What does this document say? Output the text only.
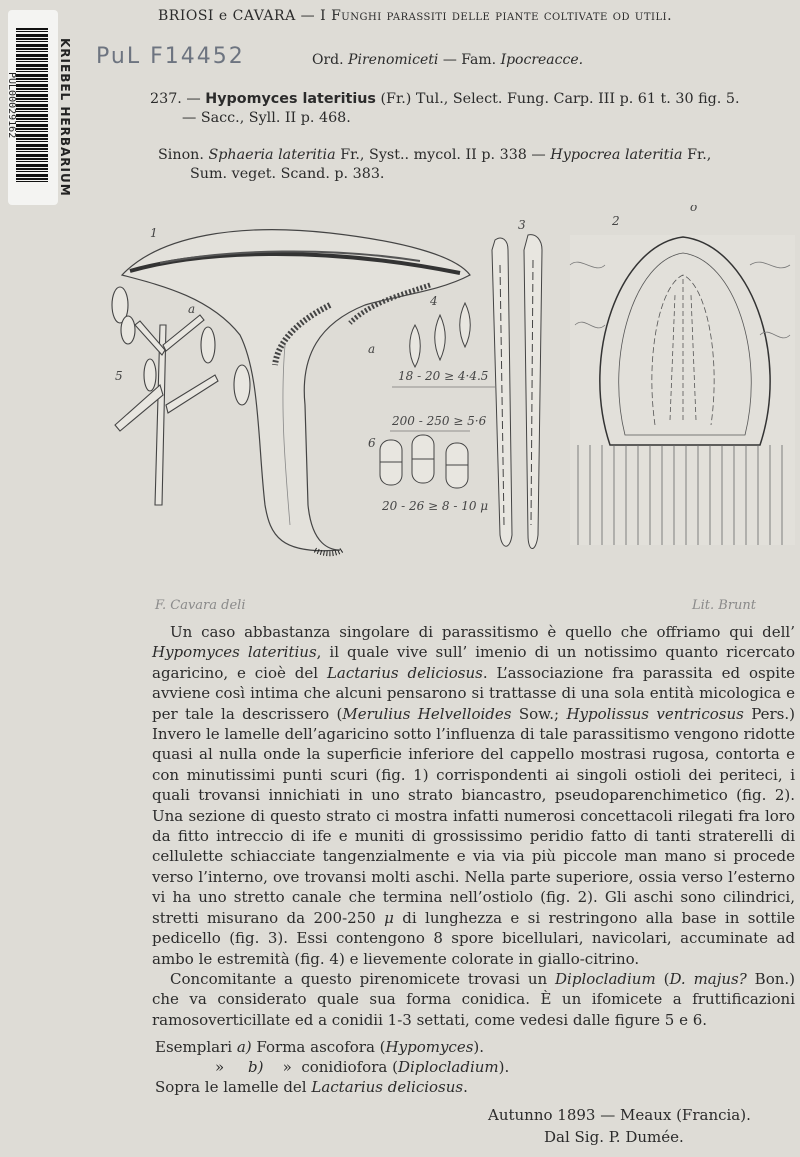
PUL00029162	KRIEBEL HERBARIUM
BRIOSI e CAVARA — I Funghi parassiti delle piante coltivate od utili.
PuL F14452	Ord. Pirenomiceti — Fam. Ipocreacce.
237. — Hypomyces lateritius (Fr.) Tul., Select. Fung. Carp. III p. 61 t. 30 fig. 5.
— Sacc., Syll. II p. 468.
Sinon. Sphaeria lateritia Fr., Syst.. mycol. II p. 338 — Hypocrea lateritia Fr.,
Sum. veget. Scand. p. 383.
1
2
3
4
5
6
o
a
a
18 - 20 ≥ 4·4.5
200 - 250 ≥ 5·6
20 - 26 ≥ 8 - 10 μ
F. Cavara deli	Lit. Brunt

Un caso abbastanza singolare di parassitismo è quello che offriamo qui dell’ Hypomyces lateritius, il quale vive sull’ imenio di un notissimo quanto ricercato agaricino, e cioè del Lactarius deliciosus. L’associazione fra parassita ed ospite avviene così intima che alcuni pensarono si trattasse di una sola entità micologica e per tale la descrissero (Merulius Helvelloides Sow.; Hypolissus ventricosus Pers.) Invero le lamelle dell’agaricino sotto l’influenza di tale parassitismo vengono ridotte quasi al nulla onde la superficie inferiore del cappello mostrasi rugosa, contorta e con minutissimi punti scuri (fig. 1) corrispondenti ai singoli ostioli dei peritecі, i quali trovansi innichiati in uno strato biancastro, pseudoparenchimetico (fig. 2). Una sezione di questo strato ci mostra infatti numerosi concettacoli rilegati fra loro da fitto intreccio di ife e muniti di grossissimo peridio fatto di tanti straterelli di cellulette schiacciate tangenzialmente e via via più piccole man mano si procede verso l’interno, ove trovansi molti aschi. Nella parte superiore, ossia verso l’esterno vi ha uno stretto canale che termina nell’ostiolo (fig. 2). Gli aschi sono cilindrici, stretti misurano da 200-250 μ di lunghezza e si restringono alla base in sottile pedicello (fig. 3). Essi contengono 8 spore bicellulari, navicolari, accuminate ad ambo le estremità (fig. 4) e lievemente colorate in giallo-citrino.

Concomitante a questo pirenomicete trovasi un Diplocladium (D. majus? Bon.) che va considerato quale sua forma conidica. È un ifomicete a fruttificazioni ramosoverticillate ed a conidii 1-3 settati, come vedesi dalle figure 5 e 6.

Esemplari a) Forma ascofora (Hypomyces).
» b) » conidiofora (Diplocladium).
Sopra le lamelle del Lactarius deliciosus.
Autunno 1893 — Meaux (Francia).
Dal Sig. P. Dumée.
